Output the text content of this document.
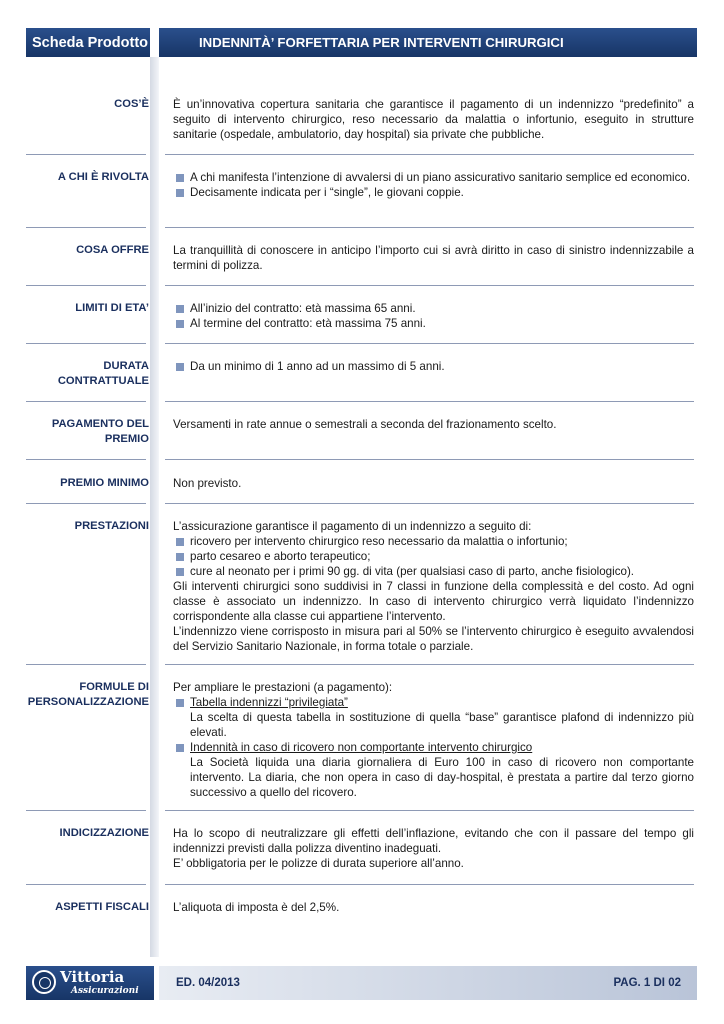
Scheda Prodotto	INDENNITÀ’ FORFETTARIA PER INTERVENTI CHIRURGICI
COS’È È un’innovativa copertura sanitaria che garantisce il pagamento di un indennizzo “predefinito” a seguito di intervento chirurgico, reso necessario da malattia o infortunio, eseguito in strutture sanitarie (ospedale, ambulatorio, day hospital) sia private che pubbliche.

A CHI È RIVOLTA	A chi manifesta l’intenzione di avvalersi di un piano assicurativo sanitario semplice ed economico.

Decisamente indicata per i “single”, le giovani coppie.

COSA OFFRE La tranquillità di conoscere in anticipo l’importo cui si avrà diritto in caso di sinistro indennizzabile a termini di polizza.

LIMITI DI ETA’	All’inizio del contratto: età massima 65 anni.

Al termine del contratto: età massima 75 anni.

DURATA
CONTRATTUALE

Da un minimo di 1 anno ad un massimo di 5 anni.

PAGAMENTO DEL
PREMIO

Versamenti in rate annue o semestrali a seconda del frazionamento scelto.

PREMIO MINIMO Non previsto.

PRESTAZIONI L’assicurazione garantisce il pagamento di un indennizzo a seguito di:

ricovero per intervento chirurgico reso necessario da malattia o infortunio;

parto cesareo e aborto terapeutico;

cure al neonato per i primi 90 gg. di vita (per qualsiasi caso di parto, anche fisiologico).

Gli interventi chirurgici sono suddivisi in 7 classi in funzione della complessità e del costo. Ad ogni classe è associato un indennizzo. In caso di intervento chirurgico verrà liquidato l’indennizzo corrispondente alla classe cui appartiene l’intervento.

L’indennizzo viene corrisposto in misura pari al 50% se l’intervento chirurgico è eseguito avvalendosi del Servizio Sanitario Nazionale, in forma totale o parziale.

FORMULE DI
PERSONALIZZAZIONE

Per ampliare le prestazioni (a pagamento):

Tabella indennizzi “privilegiata”

La scelta di questa tabella in sostituzione di quella “base” garantisce plafond di indennizzo più elevati.

Indennità in caso di ricovero non comportante intervento chirurgico

La Società liquida una diaria giornaliera di Euro 100 in caso di ricovero non comportante intervento. La diaria, che non opera in caso di day-hospital, è prestata a partire dal terzo giorno successivo a quello del ricovero.

INDICIZZAZIONE Ha lo scopo di neutralizzare gli effetti dell’inflazione, evitando che con il passare del tempo gli indennizzi previsti dalla polizza diventino inadeguati.

E’ obbligatoria per le polizze di durata superiore all’anno.

ASPETTI FISCALI L’aliquota di imposta è del 2,5%.

Vittoria
Assicurazioni
ED. 04/2013	PAG. 1 DI 02
